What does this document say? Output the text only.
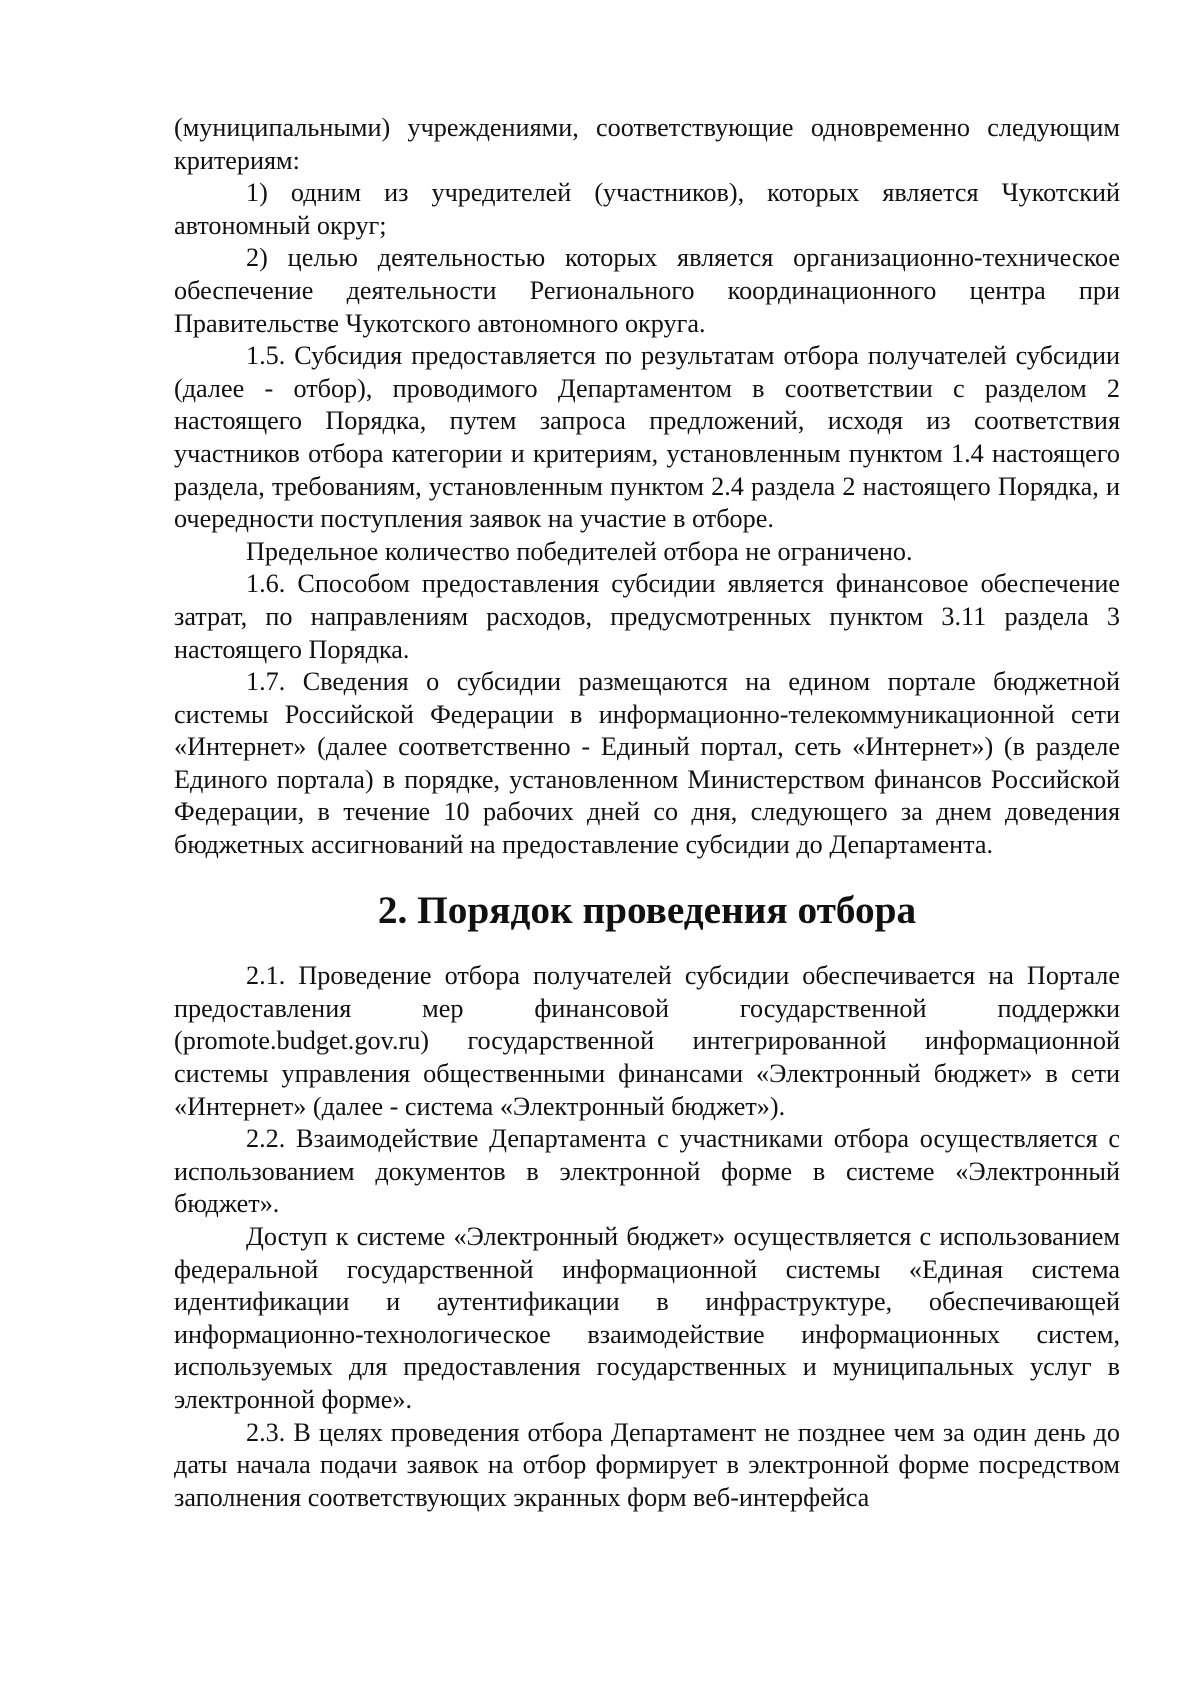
(муниципальными) учреждениями, соответствующие одновременно следующим критериям:

1) одним из учредителей (участников), которых является Чукотский автономный округ;

2) целью деятельностью которых является организационно-техническое обеспечение деятельности Регионального координационного центра при Правительстве Чукотского автономного округа.

1.5. Субсидия предоставляется по результатам отбора получателей субсидии (далее - отбор), проводимого Департаментом в соответствии с разделом 2 настоящего Порядка, путем запроса предложений, исходя из соответствия участников отбора категории и критериям, установленным пунктом 1.4 настоящего раздела, требованиям, установленным пунктом 2.4 раздела 2 настоящего Порядка, и очередности поступления заявок на участие в отборе.

Предельное количество победителей отбора не ограничено.

1.6. Способом предоставления субсидии является финансовое обеспечение затрат, по направлениям расходов, предусмотренных пунктом 3.11 раздела 3 настоящего Порядка.

1.7. Сведения о субсидии размещаются на едином портале бюджетной системы Российской Федерации в информационно-телекоммуникационной сети «Интернет» (далее соответственно - Единый портал, сеть «Интернет») (в разделе Единого портала) в порядке, установленном Министерством финансов Российской Федерации, в течение 10 рабочих дней со дня, следующего за днем доведения бюджетных ассигнований на предоставление субсидии до Департамента.

2. Порядок проведения отбора

2.1. Проведение отбора получателей субсидии обеспечивается на Портале предоставления мер финансовой государственной поддержки (promote.budget.gov.ru) государственной интегрированной информационной системы управления общественными финансами «Электронный бюджет» в сети «Интернет» (далее - система «Электронный бюджет»).

2.2. Взаимодействие Департамента с участниками отбора осуществляется с использованием документов в электронной форме в системе «Электронный бюджет».

Доступ к системе «Электронный бюджет» осуществляется с использованием федеральной государственной информационной системы «Единая система идентификации и аутентификации в инфраструктуре, обеспечивающей информационно-технологическое взаимодействие информационных систем, используемых для предоставления государственных и муниципальных услуг в электронной форме».

2.3. В целях проведения отбора Департамент не позднее чем за один день до даты начала подачи заявок на отбор формирует в электронной форме посредством заполнения соответствующих экранных форм веб-интерфейса
